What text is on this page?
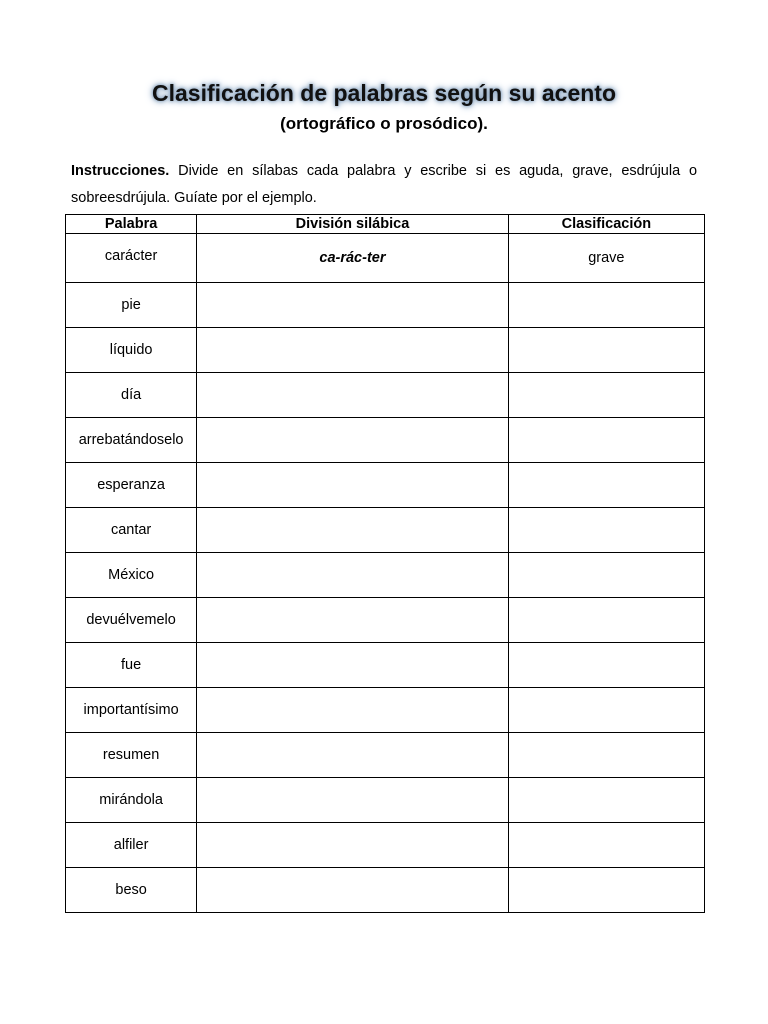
Clasificación de palabras según su acento
(ortográfico o prosódico).
Instrucciones. Divide en sílabas cada palabra y escribe si es aguda, grave, esdrújula o sobreesdrújula. Guíate por el ejemplo.
Palabra	División silábica	Clasificación
carácter	ca-rác-ter	grave
pie		
líquido		
día		
arrebatándoselo		
esperanza		
cantar		
México		
devuélvemelo		
fue		
importantísimo		
resumen		
mirándola		
alfiler		
beso		
